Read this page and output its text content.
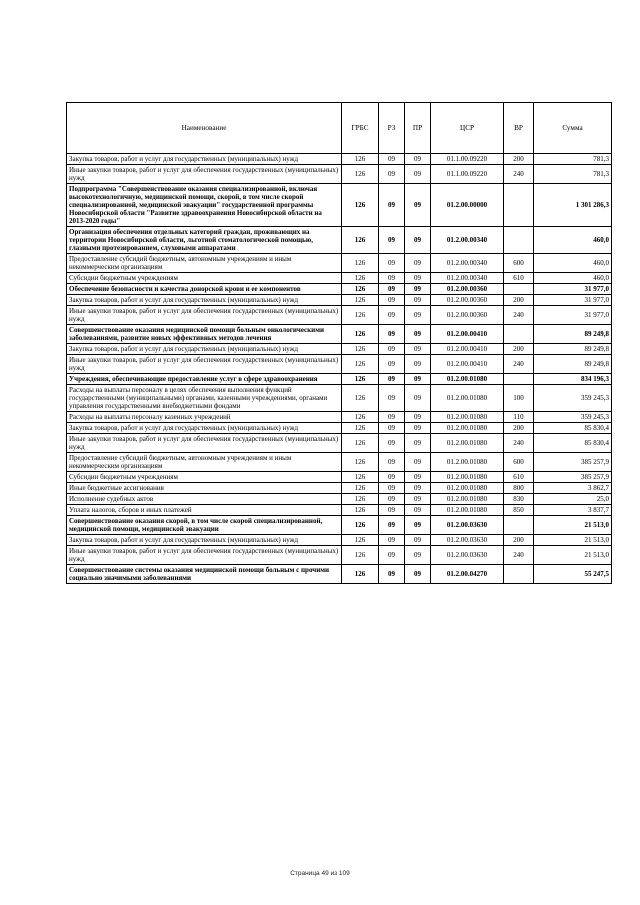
Наименование	ГРБС	РЗ	ПР	ЦСР	ВР	Сумма
Закупка товаров, работ и услуг для государственных (муниципальных) нужд	126	09	09	01.1.00.09220	200	781,3
Иные закупки товаров, работ и услуг для обеспечения государственных (муниципальных) нужд	126	09	09	01.1.00.09220	240	781,3
Подпрограмма "Совершенствование оказания специализированной, включая высокотехнологичную, медицинской помощи, скорой, в том числе скорой специализированной, медицинской эвакуации" государственной программы Новосибирской области "Развитие здравоохранения Новосибирской области на 2013-2020 годы"	126	09	09	01.2.00.00000		1 301 286,3
Организация обеспечения отдельных категорий граждан, проживающих на территории Новосибирской области, льготной стоматологической помощью, глазными протезированием, слуховыми аппаратами	126	09	09	01.2.00.00340		460,0
Предоставление субсидий бюджетным, автономным учреждениям и иным некоммерческим организациям	126	09	09	01.2.00.00340	600	460,0
Субсидии бюджетным учреждениям	126	09	09	01.2.00.00340	610	460,0
Обеспечение безопасности и качества донорской крови и ее компонентов	126	09	09	01.2.00.00360		31 977,0
Закупка товаров, работ и услуг для государственных (муниципальных) нужд	126	09	09	01.2.00.00360	200	31 977,0
Иные закупки товаров, работ и услуг для обеспечения государственных (муниципальных) нужд	126	09	09	01.2.00.00360	240	31 977,0
Совершенствование оказания медицинской помощи больным онкологическими заболеваниями, развитие новых эффективных методов лечения	126	09	09	01.2.00.00410		89 249,8
Закупка товаров, работ и услуг для государственных (муниципальных) нужд	126	09	09	01.2.00.00410	200	89 249,8
Иные закупки товаров, работ и услуг для обеспечения государственных (муниципальных) нужд	126	09	09	01.2.00.00410	240	89 249,8
Учреждения, обеспечивающие предоставление услуг в сфере здравоохранения	126	09	09	01.2.00.01080		834 196,3
Расходы на выплаты персоналу в целях обеспечения выполнения функций государственными (муниципальными) органами, казенными учреждениями, органами управления государственными внебюджетными фондами	126	09	09	01.2.00.01080	100	359 245,3
Расходы на выплаты персоналу казенных учреждений	126	09	09	01.2.00.01080	110	359 245,3
Закупка товаров, работ и услуг для государственных (муниципальных) нужд	126	09	09	01.2.00.01080	200	85 830,4
Иные закупки товаров, работ и услуг для обеспечения государственных (муниципальных) нужд	126	09	09	01.2.00.01080	240	85 830,4
Предоставление субсидий бюджетным, автономным учреждениям и иным некоммерческим организациям	126	09	09	01.2.00.01080	600	385 257,9
Субсидии бюджетным учреждениям	126	09	09	01.2.00.01080	610	385 257,9
Иные бюджетные ассигнования	126	09	09	01.2.00.01080	800	3 862,7
Исполнение судебных актов	126	09	09	01.2.00.01080	830	25,0
Уплата налогов, сборов и иных платежей	126	09	09	01.2.00.01080	850	3 837,7
Совершенствование оказания скорой, в том числе скорой специализированной, медицинской помощи, медицинской эвакуации	126	09	09	01.2.00.03630		21 513,0
Закупка товаров, работ и услуг для государственных (муниципальных) нужд	126	09	09	01.2.00.03630	200	21 513,0
Иные закупки товаров, работ и услуг для обеспечения государственных (муниципальных) нужд	126	09	09	01.2.00.03630	240	21 513,0
Совершенствование системы оказания медицинской помощи больным с прочими социально значимыми заболеваниями	126	09	09	01.2.00.04270		55 247,5
Страница 49 из 109
